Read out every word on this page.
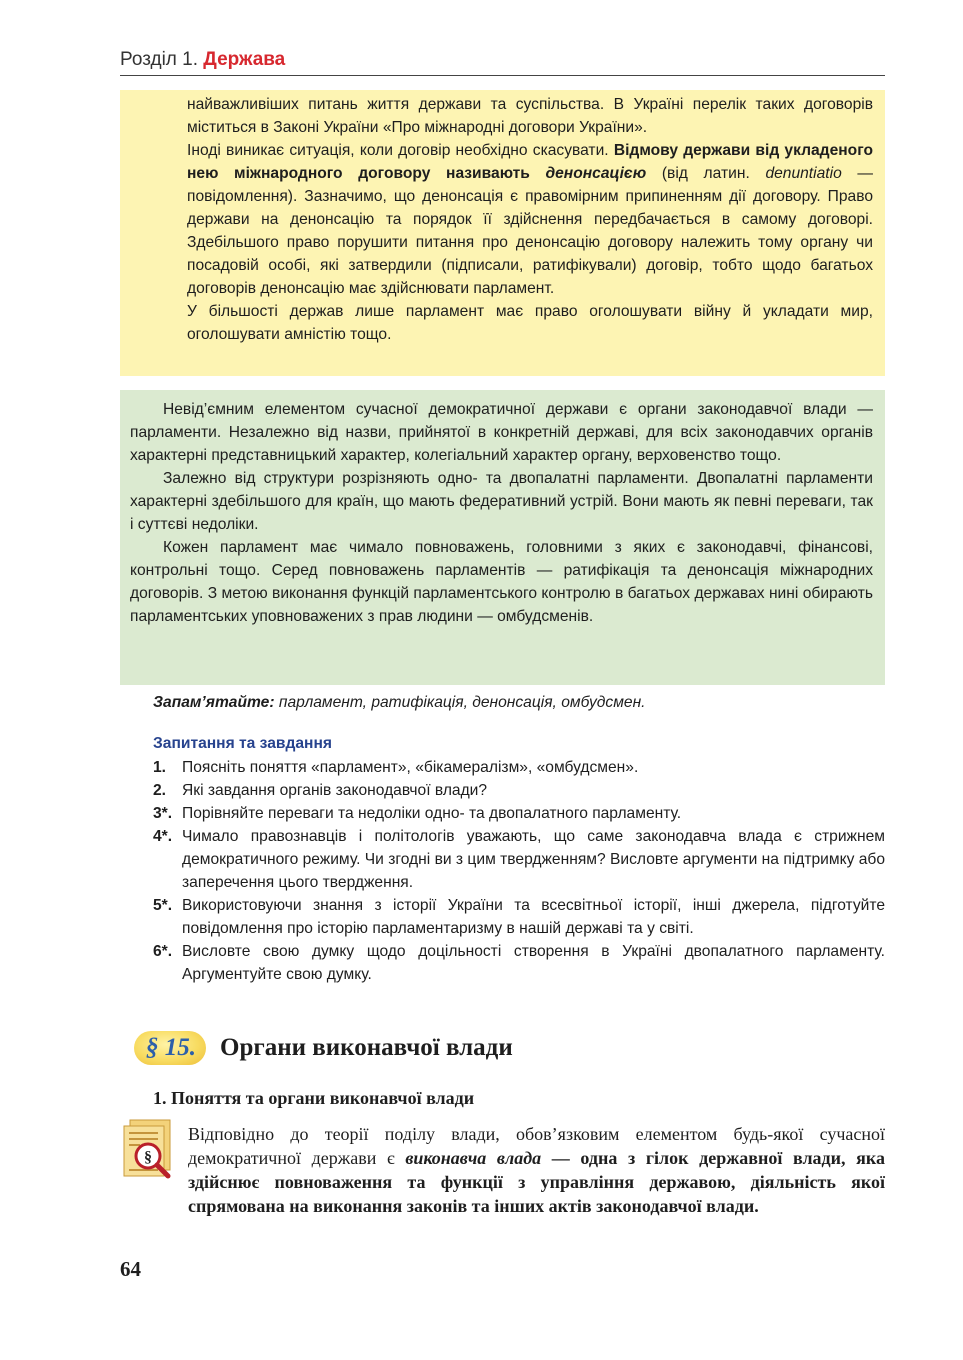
Розділ 1. Держава

найважливіших питань життя держави та суспільства. В Україні перелік таких договорів міститься в Законі України «Про міжнародні договори України».

Іноді виникає ситуація, коли договір необхідно скасувати. Відмову держави від укладеного нею міжнародного договору називають денонсацією (від латин. denuntiatio — повідомлення). Зазначимо, що денонсація є правомірним припиненням дії договору. Право держави на денонсацію та порядок її здійснення передбачається в самому договорі. Здебільшого право порушити питання про денонсацію договору належить тому органу чи посадовій особі, які затвердили (підписали, ратифікували) договір, тобто щодо багатьох договорів денонсацію має здійснювати парламент.

У більшості держав лише парламент має право оголошувати війну й укладати мир, оголошувати амністію тощо.

Невід’ємним елементом сучасної демократичної держави є органи законодавчої влади — парламенти. Незалежно від назви, прийнятої в конкретній державі, для всіх законодавчих органів характерні представницький характер, колегіальний характер органу, верховенство тощо.

Залежно від структури розрізняють одно- та двопалатні парламенти. Двопалатні парламенти характерні здебільшого для країн, що мають федеративний устрій. Вони мають як певні переваги, так і суттєві недоліки.

Кожен парламент має чимало повноважень, головними з яких є законодавчі, фінансові, контрольні тощо. Серед повноважень парламентів — ратифікація та денонсація міжнародних договорів. З метою виконання функцій парламентського контролю в багатьох державах нині обирають парламентських уповноважених з прав людини — омбудсменів.

Запам’ятайте: парламент, ратифікація, денонсація, омбудсмен.
Запитання та завдання
1.	Поясніть поняття «парламент», «бікамералізм», «омбудсмен».
2.	Які завдання органів законодавчої влади?
3*. Порівняйте переваги та недоліки одно- та двопалатного парламенту.
4*. Чимало правознавців і політологів уважають, що саме законодавча влада є стрижнем демократичного режиму. Чи згодні ви з цим твердженням? Висловте аргументи на підтримку або заперечення цього твердження.
5*. Використовуючи знання з історії України та всесвітньої історії, інші джерела, підготуйте повідомлення про історію парламентаризму в нашій державі та у світі.
6*. Висловте свою думку щодо доцільності створення в Україні двопалатного парламенту. Аргументуйте свою думку.
§ 15. Органи виконавчої влади
1. Поняття та органи виконавчої влади
§

Відповідно до теорії поділу влади, обов’язковим елементом будь-якої сучасної демократичної держави є виконавча влада — одна з гілок державної влади, яка здійснює повноваження та функції з управління державою, діяльність якої спрямована на виконання законів та інших актів законодавчої влади.

64
